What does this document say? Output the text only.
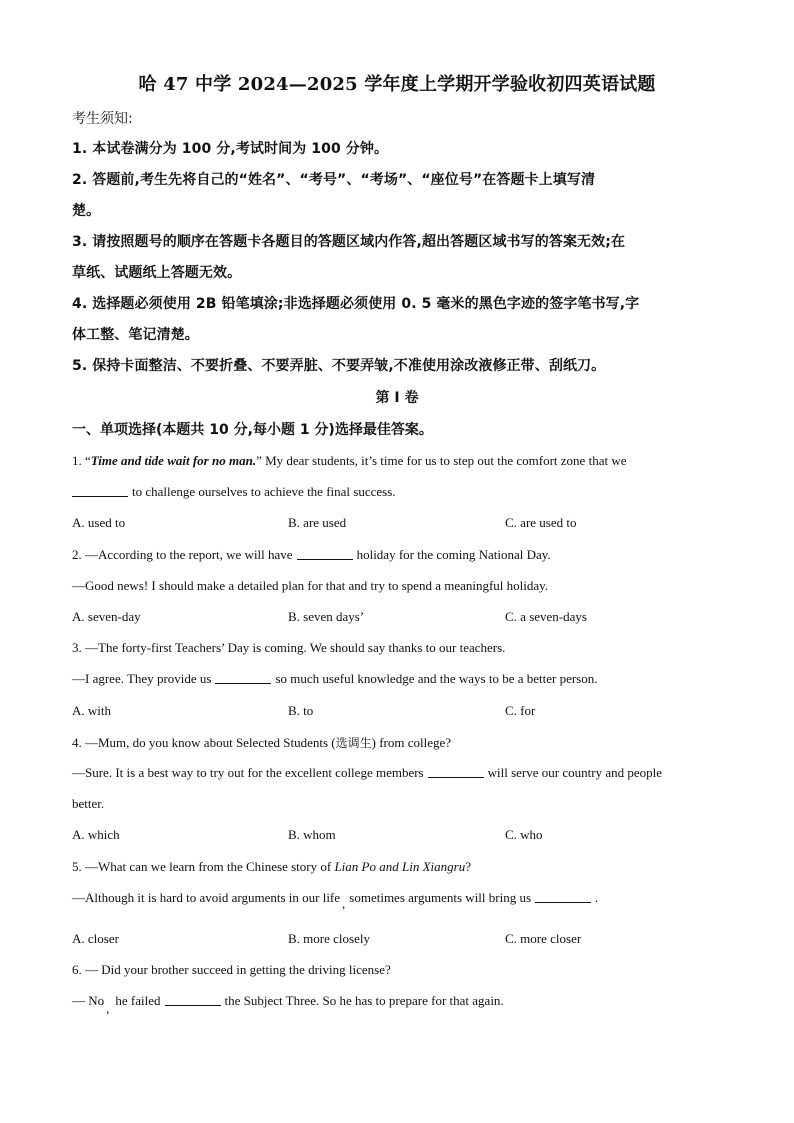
哈 47 中学 2024—2025 学年度上学期开学验收初四英语试题
考生须知:
1. 本试卷满分为 100 分,考试时间为 100 分钟。
2. 答题前,考生先将自己的“姓名”、“考号”、“考场”、“座位号”在答题卡上填写清
楚。
3. 请按照题号的顺序在答题卡各题目的答题区域内作答,超出答题区域书写的答案无效;在
草纸、试题纸上答题无效。
4. 选择题必须使用 2B 铅笔填涂;非选择题必须使用 0. 5 毫米的黑色字迹的签字笔书写,字
体工整、笔记清楚。
5. 保持卡面整洁、不要折叠、不要弄脏、不要弄皱,不准使用涂改液修正带、刮纸刀。
第 I 卷
一、单项选择(本题共 10 分,每小题 1 分)选择最佳答案。
1. “Time and tide wait for no man.” My dear students, it’s time for us to step out the comfort zone that we
to challenge ourselves to achieve the final success.
A. used to	B. are used	C. are used to
2. —According to the report, we will have	holiday for the coming National Day.
—Good news! I should make a detailed plan for that and try to spend a meaningful holiday.
A. seven-day	B. seven days’	C. a seven-days
3. —The forty-first Teachers’ Day is coming. We should say thanks to our teachers.
—I agree. They provide us	so much useful knowledge and the ways to be a better person.
A. with	B. to	C. for
4. —Mum, do you know about Selected Students (选调生) from college?
—Sure. It is a best way to try out for the excellent college members	will serve our country and people
better.
A. which	B. whom	C. who
5. —What can we learn from the Chinese story of Lian Po and Lin Xiangru?
—Although it is hard to avoid arguments in our life , sometimes arguments will bring us	.
A. closer	B. more closely	C. more closer
6. — Did your brother succeed in getting the driving license?
— No,he failed	the Subject Three. So he has to prepare for that again.
